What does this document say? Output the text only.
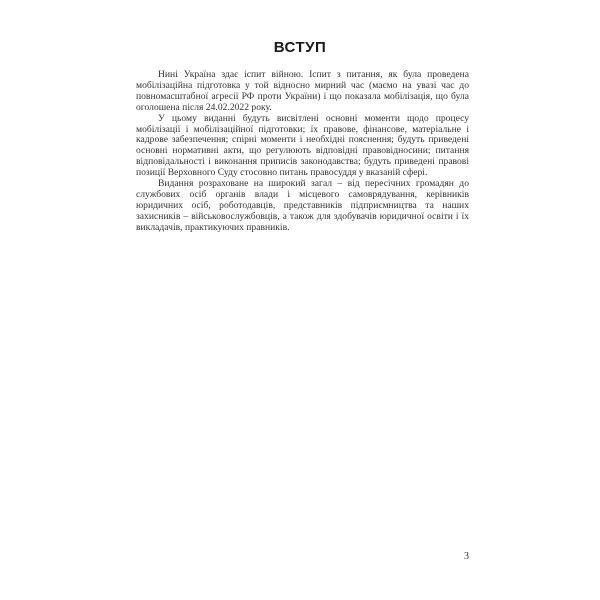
ВСТУП

Нині Україна здає іспит війною. Іспит з питання, як була проведена мобілізаційна підготовка у той відносно мирний час (маємо на увазі час до повномасштабної агресії РФ проти України) і що показала мобілізація, що була оголошена після 24.02.2022 року.

У цьому виданні будуть висвітлені основні моменти щодо процесу мобілізації і мобілізаційної підготовки; їх правове, фінансове, матеріальне і кадрове забезпечення; спірні моменти і необхідні пояснення; будуть приведені основні нормативні акти, що регулюють відповідні правовідносини; питання відповідальності і виконання приписів законодавства; будуть приведені правові позиції Верховного Суду стосовно питань правосуддя у вказаній сфері.

Видання розраховане на широкий загал – від пересічних громадян до службових осіб органів влади і місцевого самоврядування, керівників юридичних осіб, роботодавців, представників підприємництва та наших захисників – військовослужбовців, а також для здобувачів юридичної освіти і їх викладачів, практикуючих правників.

3
